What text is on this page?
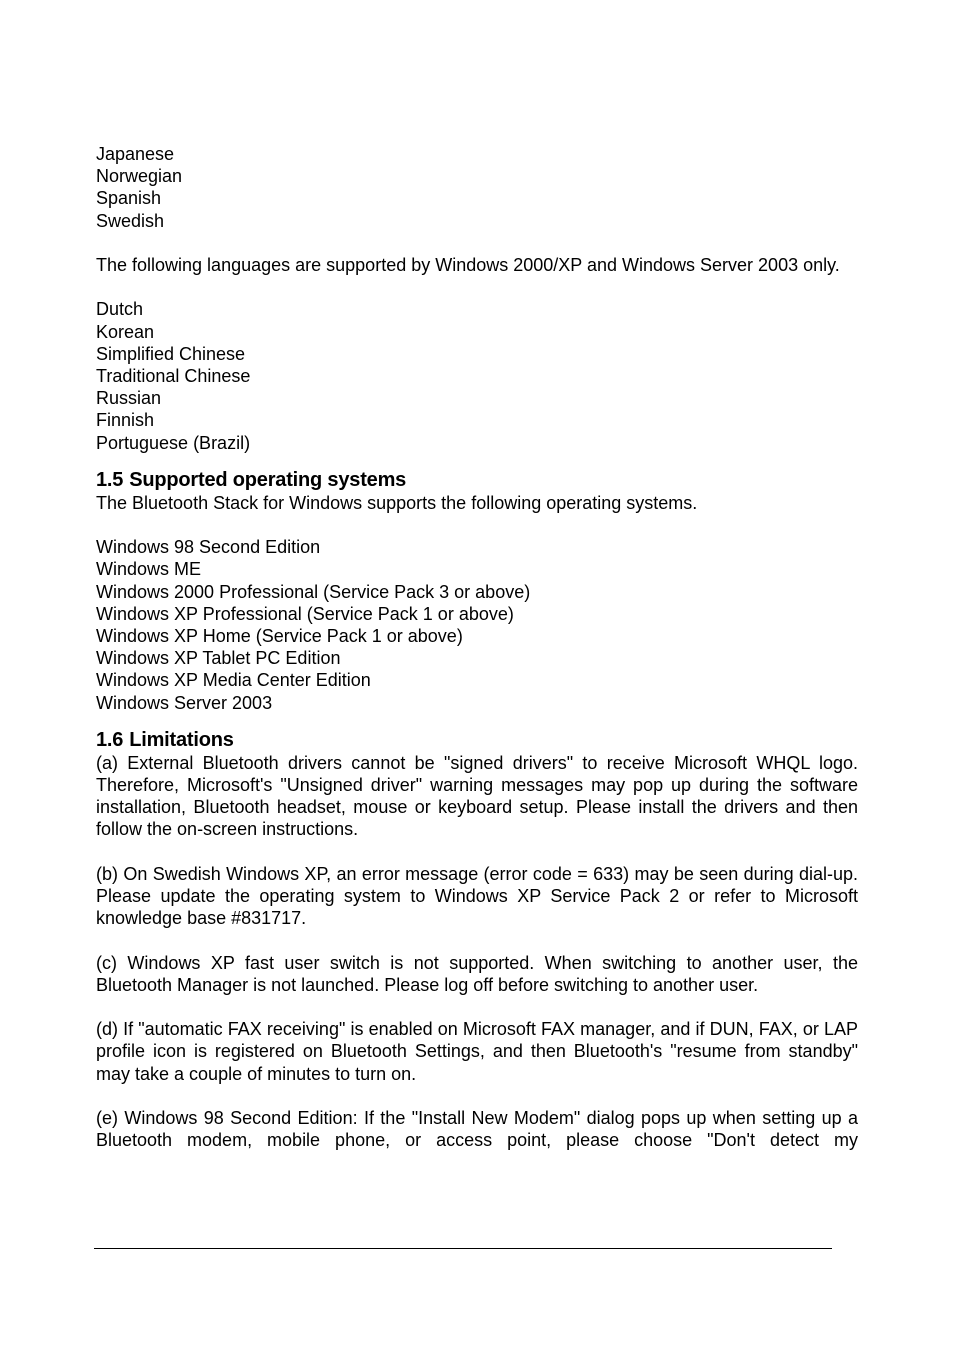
Japanese

Norwegian

Spanish

Swedish

The following languages are supported by Windows 2000/XP and Windows Server 2003 only.

Dutch

Korean

Simplified Chinese

Traditional Chinese

Russian

Finnish

Portuguese (Brazil)

1.5 Supported operating systems

The Bluetooth Stack for Windows supports the following operating systems.

Windows 98 Second Edition

Windows ME

Windows 2000 Professional (Service Pack 3 or above)

Windows XP Professional (Service Pack 1 or above)

Windows XP Home (Service Pack 1 or above)

Windows XP Tablet PC Edition

Windows XP Media Center Edition

Windows Server 2003

1.6 Limitations

(a) External Bluetooth drivers cannot be "signed drivers" to receive Microsoft WHQL logo. Therefore, Microsoft's "Unsigned driver" warning messages may pop up during the software installation, Bluetooth headset, mouse or keyboard setup. Please install the drivers and then follow the on-screen instructions.

(b) On Swedish Windows XP, an error message (error code = 633) may be seen during dial-up. Please update the operating system to Windows XP Service Pack 2 or refer to Microsoft knowledge base #831717.

(c) Windows XP fast user switch is not supported. When switching to another user, the Bluetooth Manager is not launched. Please log off before switching to another user.

(d) If "automatic FAX receiving" is enabled on Microsoft FAX manager, and if DUN, FAX, or LAP profile icon is registered on Bluetooth Settings, and then Bluetooth's "resume from standby" may take a couple of minutes to turn on.

(e) Windows 98 Second Edition: If the "Install New Modem" dialog pops up when setting up a Bluetooth modem, mobile phone, or access point, please choose "Don't detect my
